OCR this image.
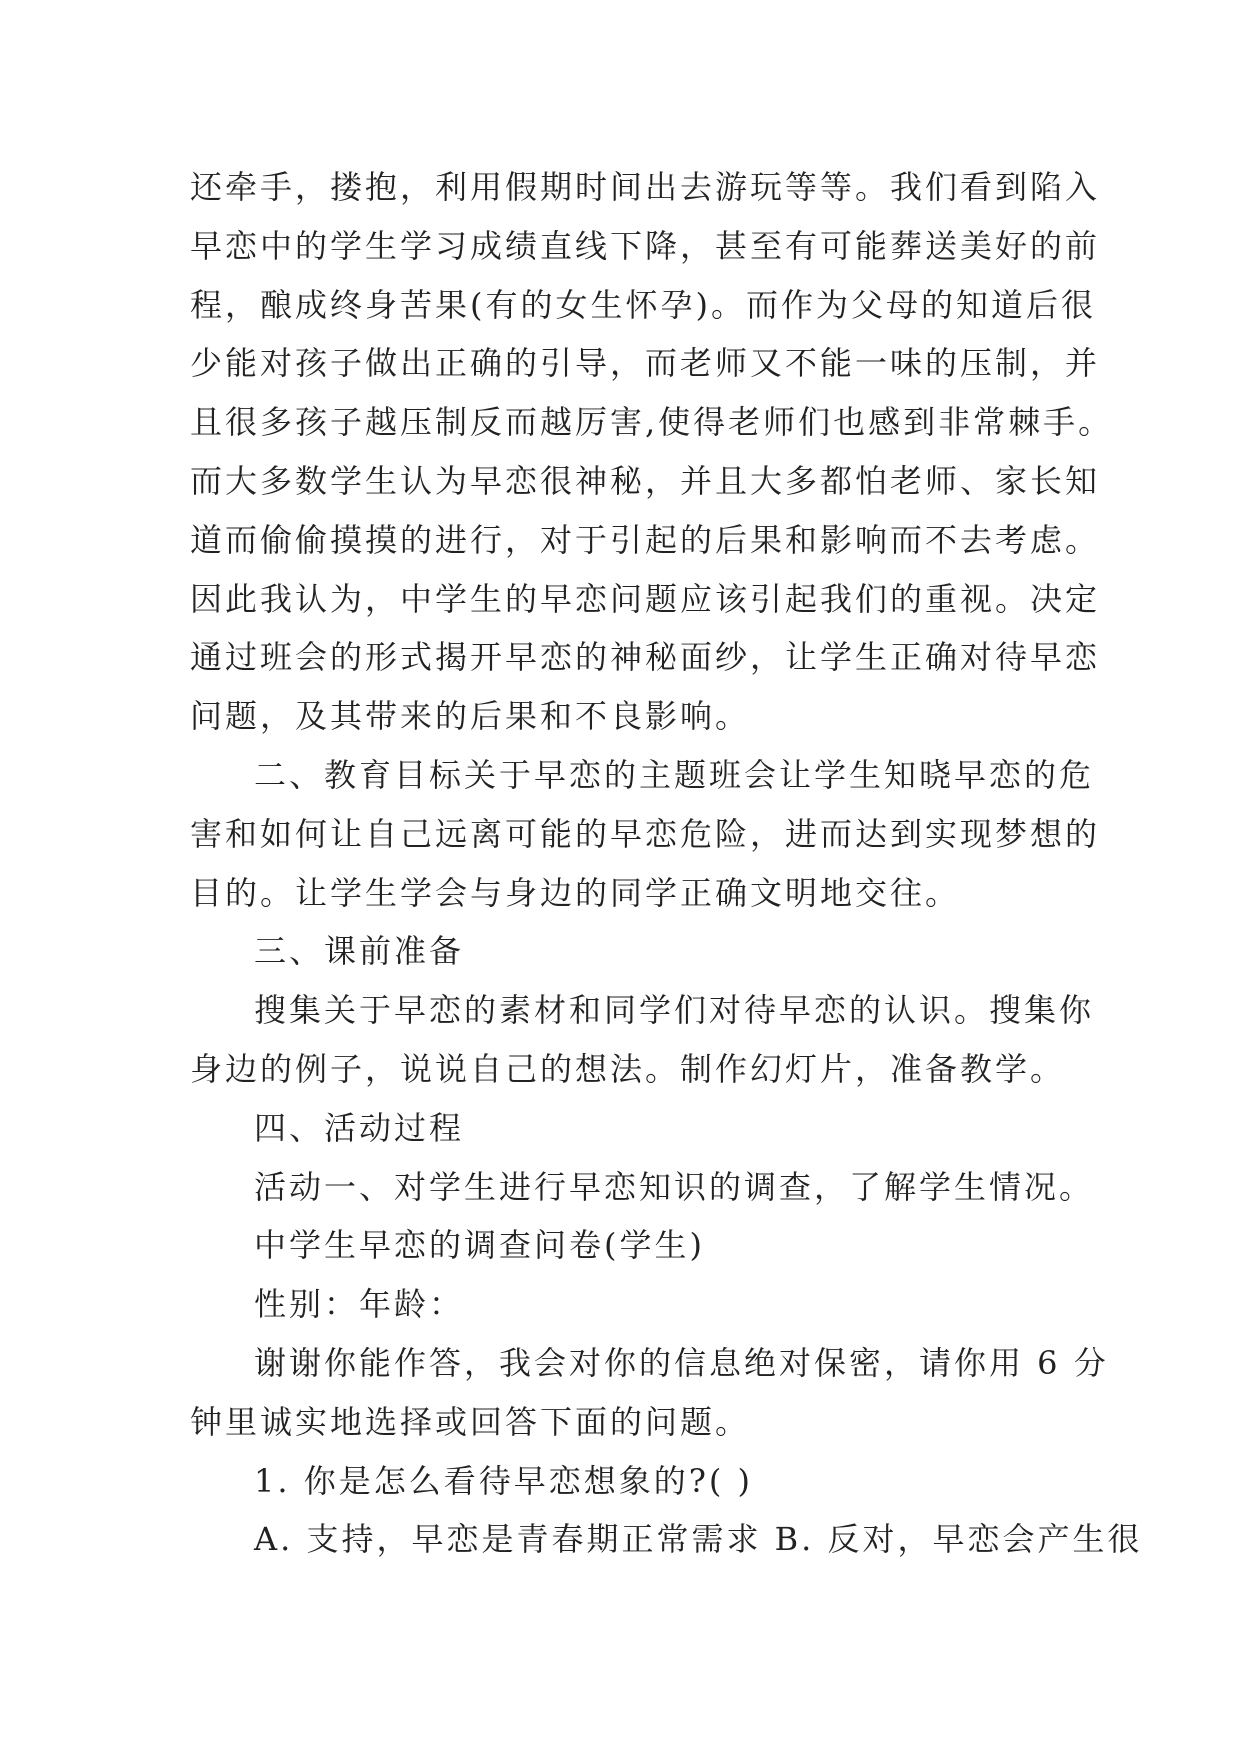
还牵手，搂抱，利用假期时间出去游玩等等。我们看到陷入
早恋中的学生学习成绩直线下降，甚至有可能葬送美好的前
程，酿成终身苦果(有的女生怀孕)。而作为父母的知道后很
少能对孩子做出正确的引导，而老师又不能一味的压制，并
且很多孩子越压制反而越厉害,使得老师们也感到非常棘手。
而大多数学生认为早恋很神秘，并且大多都怕老师、家长知
道而偷偷摸摸的进行，对于引起的后果和影响而不去考虑。
因此我认为，中学生的早恋问题应该引起我们的重视。决定
通过班会的形式揭开早恋的神秘面纱，让学生正确对待早恋
问题，及其带来的后果和不良影响。
二、教育目标关于早恋的主题班会让学生知晓早恋的危
害和如何让自己远离可能的早恋危险，进而达到实现梦想的
目的。让学生学会与身边的同学正确文明地交往。
三、课前准备
搜集关于早恋的素材和同学们对待早恋的认识。搜集你
身边的例子，说说自己的想法。制作幻灯片，准备教学。
四、活动过程
活动一、对学生进行早恋知识的调查，了解学生情况。
中学生早恋的调查问卷(学生)
性别：年龄：
谢谢你能作答，我会对你的信息绝对保密，请你用 6 分
钟里诚实地选择或回答下面的问题。
1. 你是怎么看待早恋想象的?( )
A. 支持，早恋是青春期正常需求 B. 反对，早恋会产生很
